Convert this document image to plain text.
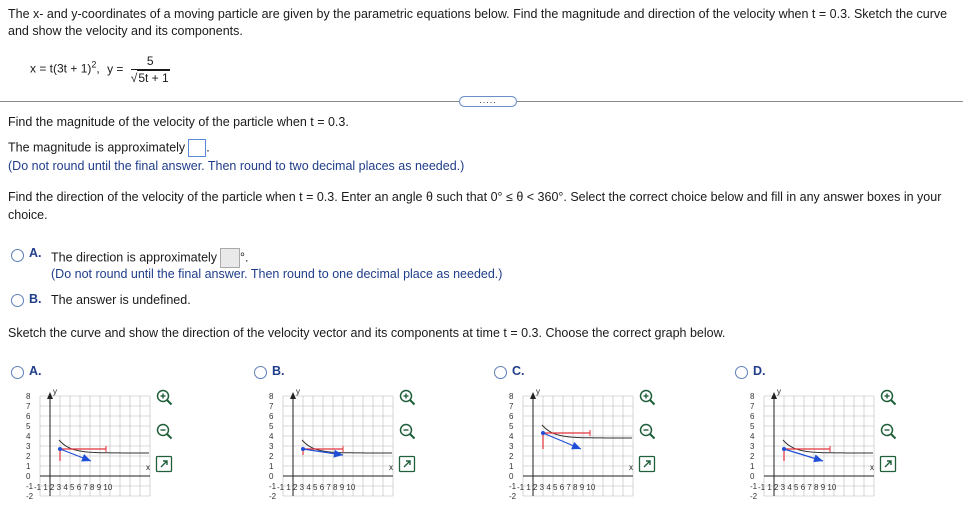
The x- and y-coordinates of a moving particle are given by the parametric equations below. Find the magnitude and direction of the velocity when t = 0.3. Sketch the curve and show the velocity and its components.
$x = t(3t + 1)^2$, $y = \frac{5}{√5t + 1}$
.....
Find the magnitude of the velocity of the particle when t = 0.3.
The magnitude is approximately .
(Do not round until the final answer. Then round to two decimal places as needed.)
Find the direction of the velocity of the particle when t = 0.3. Enter an angle θ such that 0° ≤ θ < 360°. Select the correct choice below and fill in any answer boxes in your choice.
A. The direction is approximately °.
(Do not round until the final answer. Then round to one decimal place as needed.)
B. The answer is undefined.
Sketch the curve and show the direction of the velocity vector and its components at time t = 0.3. Choose the correct graph below.
A.
y
x
8
7
6
5
4
3
2
1
0
-1
-2
-1 1 2 3 4 5 6 7 8 9 10
B.
y
x
8
7
6
5
4
3
2
1
0
-1
-2
-1 1 2 3 4 5 6 7 8 9 10
C.
y
x
8
7
6
5
4
3
2
1
0
-1
-2
-1 1 2 3 4 5 6 7 8 9 10
D.
y
x
8
7
6
5
4
3
2
1
0
-1
-2
-1 1 2 3 4 5 6 7 8 9 10
